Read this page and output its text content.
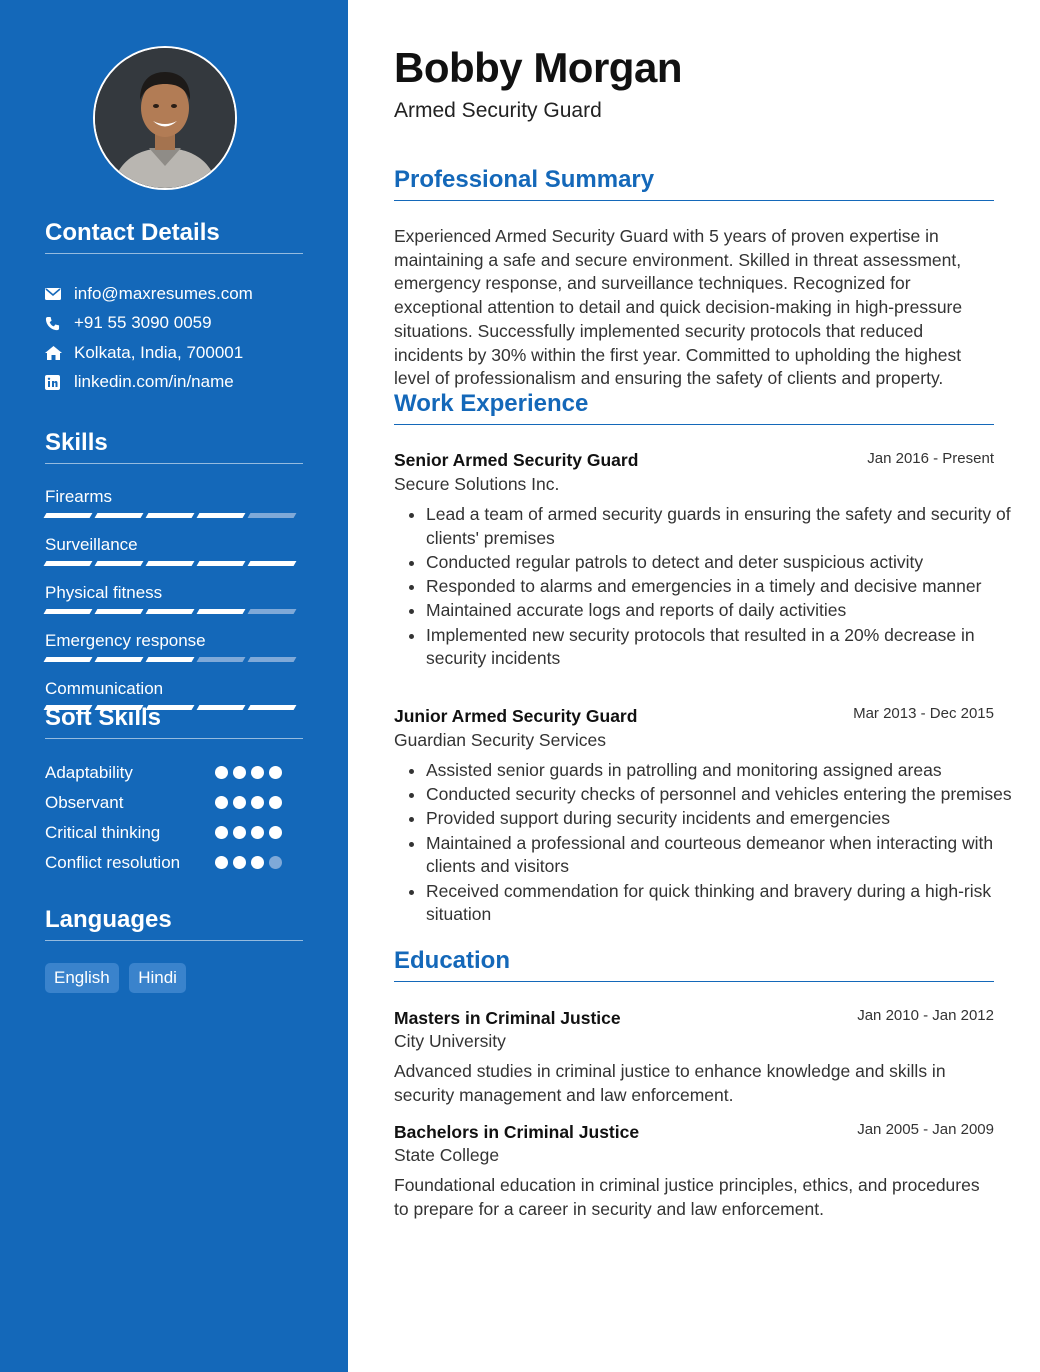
Contact Details
info@maxresumes.com
+91 55 3090 0059
Kolkata, India, 700001
linkedin.com/in/name
Skills
Firearms
Surveillance
Physical fitness
Emergency response
Communication
Soft Skills
Adaptability
Observant
Critical thinking
Conflict resolution
Languages
English Hindi
Bobby Morgan
Armed Security Guard
Professional Summary
Experienced Armed Security Guard with 5 years of proven expertise in maintaining a safe and secure environment. Skilled in threat assessment, emergency response, and surveillance techniques. Recognized for exceptional attention to detail and quick decision-making in high-pressure situations. Successfully implemented security protocols that reduced incidents by 30% within the first year. Committed to upholding the highest level of professionalism and ensuring the safety of clients and property.
Work Experience
Senior Armed Security Guard	Jan 2016 - Present
Secure Solutions Inc.
• Lead a team of armed security guards in ensuring the safety and security of clients' premises
• Conducted regular patrols to detect and deter suspicious activity
• Responded to alarms and emergencies in a timely and decisive manner
• Maintained accurate logs and reports of daily activities
• Implemented new security protocols that resulted in a 20% decrease in security incidents
Junior Armed Security Guard	Mar 2013 - Dec 2015
Guardian Security Services
• Assisted senior guards in patrolling and monitoring assigned areas
• Conducted security checks of personnel and vehicles entering the premises
• Provided support during security incidents and emergencies
• Maintained a professional and courteous demeanor when interacting with clients and visitors
• Received commendation for quick thinking and bravery during a high-risk situation
Education
Masters in Criminal Justice	Jan 2010 - Jan 2012
City University
Advanced studies in criminal justice to enhance knowledge and skills in security management and law enforcement.
Bachelors in Criminal Justice	Jan 2005 - Jan 2009
State College
Foundational education in criminal justice principles, ethics, and procedures to prepare for a career in security and law enforcement.
